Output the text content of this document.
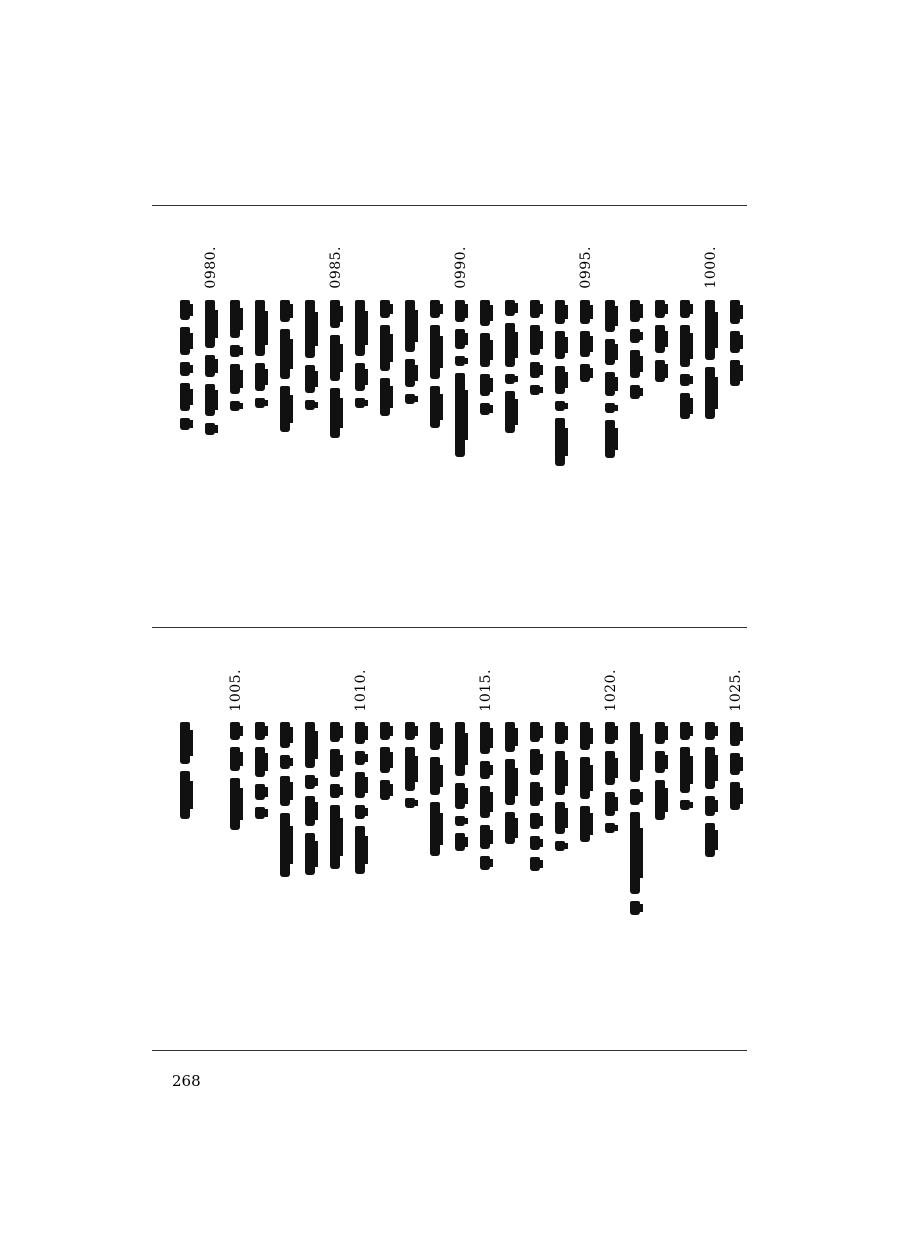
1000.
0995.
0990.
0985.
0980.
1025.
1020.
1015.
1010.
1005.
268
